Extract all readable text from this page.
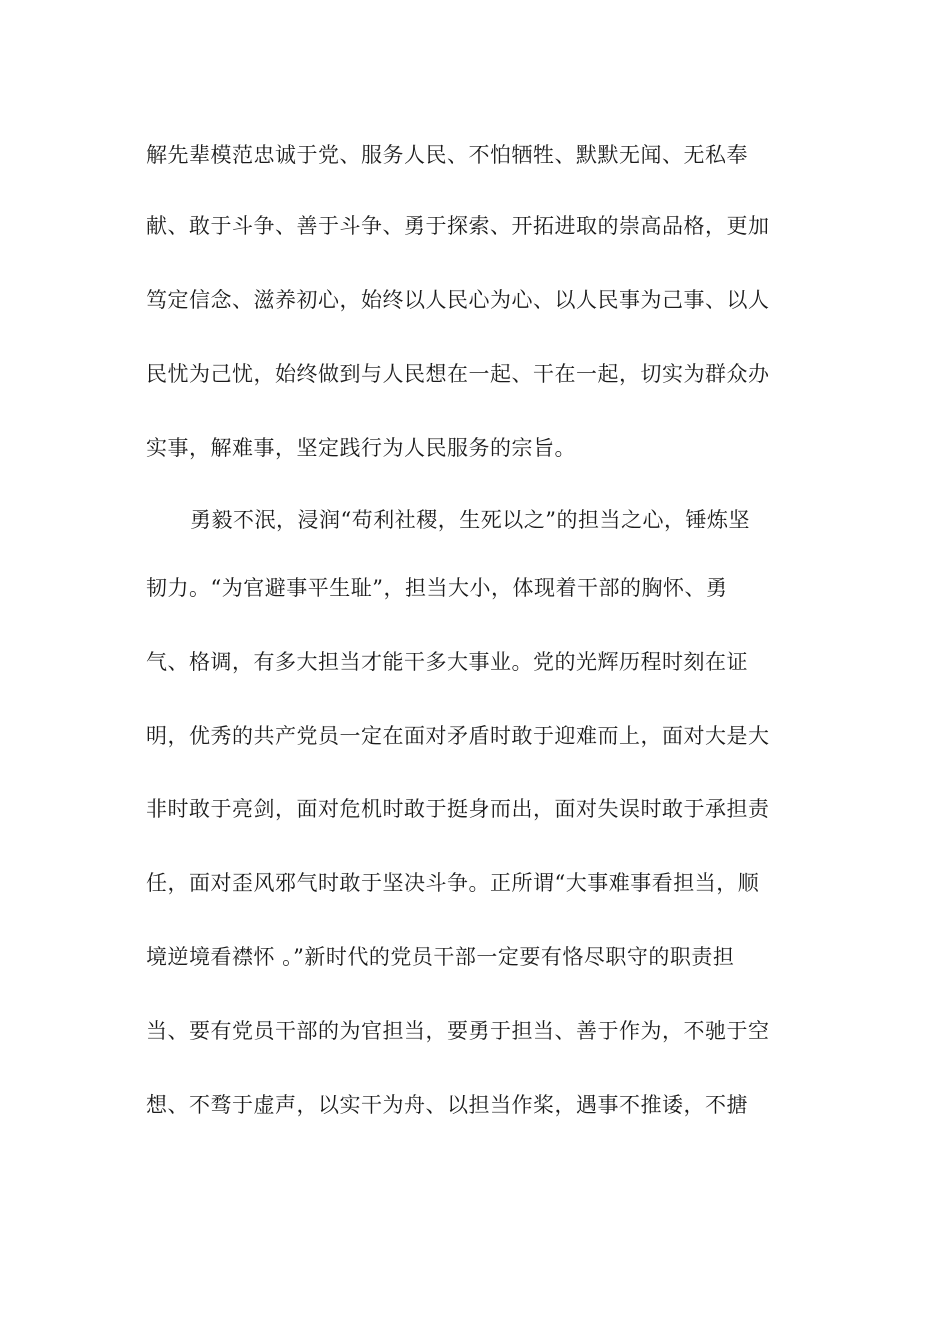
解先辈模范忠诚于党、服务人民、不怕牺牲、默默无闻、无私奉
献、敢于斗争、善于斗争、勇于探索、开拓进取的崇高品格，更加
笃定信念、滋养初心，始终以人民心为心、以人民事为己事、以人
民忧为己忧，始终做到与人民想在一起、干在一起，切实为群众办
实事，解难事，坚定践行为人民服务的宗旨。
勇毅不泯，浸润“苟利社稷，生死以之”的担当之心，锤炼坚
韧力。“为官避事平生耻”，担当大小，体现着干部的胸怀、勇
气、格调，有多大担当才能干多大事业。党的光辉历程时刻在证
明，优秀的共产党员一定在面对矛盾时敢于迎难而上，面对大是大
非时敢于亮剑，面对危机时敢于挺身而出，面对失误时敢于承担责
任，面对歪风邪气时敢于坚决斗争。正所谓“大事难事看担当，顺
境逆境看襟怀 。”新时代的党员干部一定要有恪尽职守的职责担
当、要有党员干部的为官担当，要勇于担当、善于作为，不驰于空
想、不骛于虚声，以实干为舟、以担当作桨，遇事不推诿，不搪
